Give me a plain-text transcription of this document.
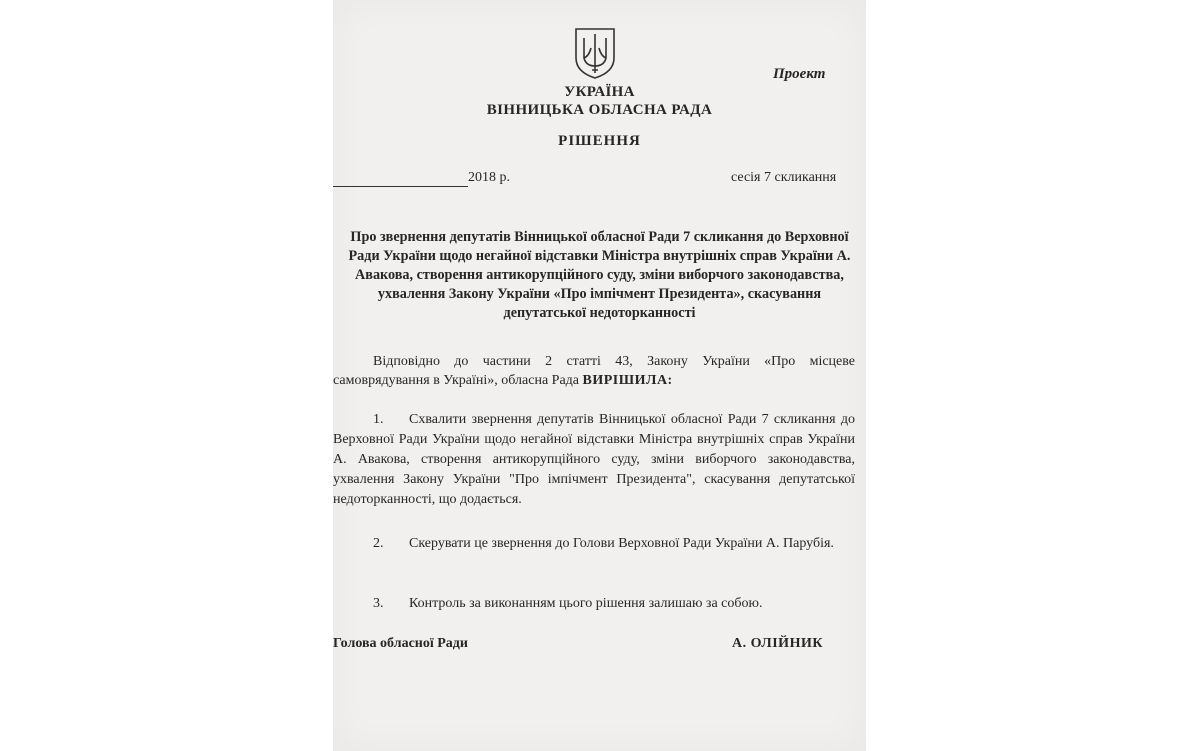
Проект
УКРАЇНА
ВІННИЦЬКА ОБЛАСНА РАДА
РІШЕННЯ
2018 р.	сесія 7 скликання
Про звернення депутатів Вінницької обласної Ради 7 скликання до Верховної Ради України щодо негайної відставки Міністра внутрішніх справ України А. Авакова, створення антикорупційного суду, зміни виборчого законодавства, ухвалення Закону України «Про імпічмент Президента», скасування депутатської недоторканності
Відповідно до частини 2 статті 43, Закону України «Про місцеве самоврядування в Україні», обласна Рада ВИРІШИЛА:
1. Схвалити звернення депутатів Вінницької обласної Ради 7 скликання до Верховної Ради України щодо негайної відставки Міністра внутрішніх справ України А. Авакова, створення антикорупційного суду, зміни виборчого законодавства, ухвалення Закону України "Про імпічмент Президента", скасування депутатської недоторканності, що додається.
2. Скерувати це звернення до Голови Верховної Ради України А. Парубія.
3. Контроль за виконанням цього рішення залишаю за собою.
Голова обласної Ради	А. ОЛІЙНИК
